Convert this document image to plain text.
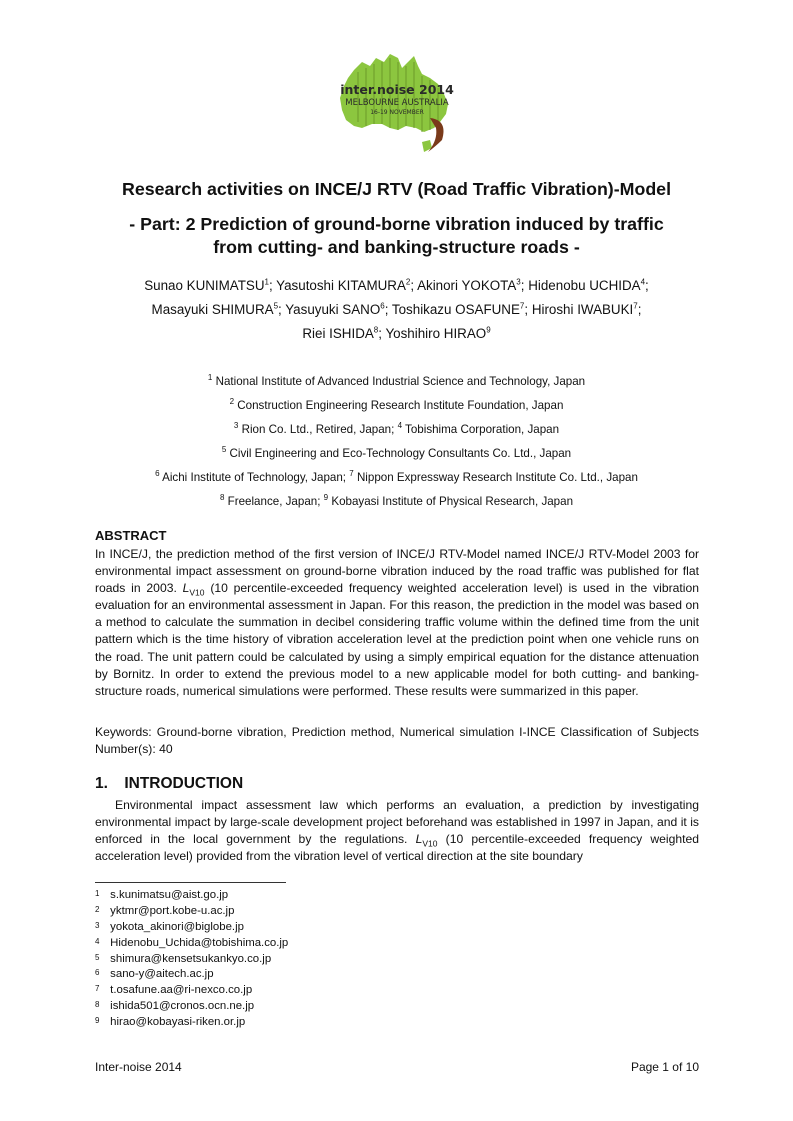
inter.noise 2014
MELBOURNE AUSTRALIA
16-19 NOVEMBER
Research activities on INCE/J RTV (Road Traffic Vibration)-Model
- Part: 2 Prediction of ground-borne vibration induced by traffic
from cutting- and banking-structure roads -
Sunao KUNIMATSU$^1$; Yasutoshi KITAMURA$^2$; Akinori YOKOTA$^3$; Hidenobu UCHIDA$^4$;
Masayuki SHIMURA$^5$; Yasuyuki SANO$^6$; Toshikazu OSAFUNE$^7$; Hiroshi IWABUKI$^7$;
Riei ISHIDA$^8$; Yoshihiro HIRAO$^9$
$^1$ National Institute of Advanced Industrial Science and Technology, Japan
$^2$ Construction Engineering Research Institute Foundation, Japan
$^3$ Rion Co. Ltd., Retired, Japan; $^4$ Tobishima Corporation, Japan
$^5$ Civil Engineering and Eco-Technology Consultants Co. Ltd., Japan
$^6$ Aichi Institute of Technology, Japan; $^7$ Nippon Expressway Research Institute Co. Ltd., Japan
$^8$ Freelance, Japan; $^9$ Kobayasi Institute of Physical Research, Japan
ABSTRACT
In INCE/J, the prediction method of the first version of INCE/J RTV-Model named INCE/J RTV-Model 2003 for environmental impact assessment on ground-borne vibration induced by the road traffic was published for flat roads in 2003. $L_{V10}$ (10 percentile-exceeded frequency weighted acceleration level) is used in the vibration evaluation for an environmental assessment in Japan. For this reason, the prediction in the model was based on a method to calculate the summation in decibel considering traffic volume within the defined time from the unit pattern which is the time history of vibration acceleration level at the prediction point when one vehicle runs on the road. The unit pattern could be calculated by using a simply empirical equation for the distance attenuation by Bornitz. In order to extend the previous model to a new applicable model for both cutting- and banking-structure roads, numerical simulations were performed. These results were summarized in this paper.
Keywords: Ground-borne vibration, Prediction method, Numerical simulation I-INCE Classification of Subjects Number(s): 40
1. INTRODUCTION
Environmental impact assessment law which performs an evaluation, a prediction by investigating environmental impact by large-scale development project beforehand was established in 1997 in Japan, and it is enforced in the local government by the regulations. $L_{V10}$ (10 percentile-exceeded frequency weighted acceleration level) provided from the vibration level of vertical direction at the site boundary
1 s.kunimatsu@aist.go.jp
2 yktmr@port.kobe-u.ac.jp
3 yokota_akinori@biglobe.jp
4 Hidenobu_Uchida@tobishima.co.jp
5 shimura@kensetsukankyo.co.jp
6 sano-y@aitech.ac.jp
7 t.osafune.aa@ri-nexco.co.jp
8 ishida501@cronos.ocn.ne.jp
9 hirao@kobayasi-riken.or.jp
Inter-noise 2014	Page 1 of 10
